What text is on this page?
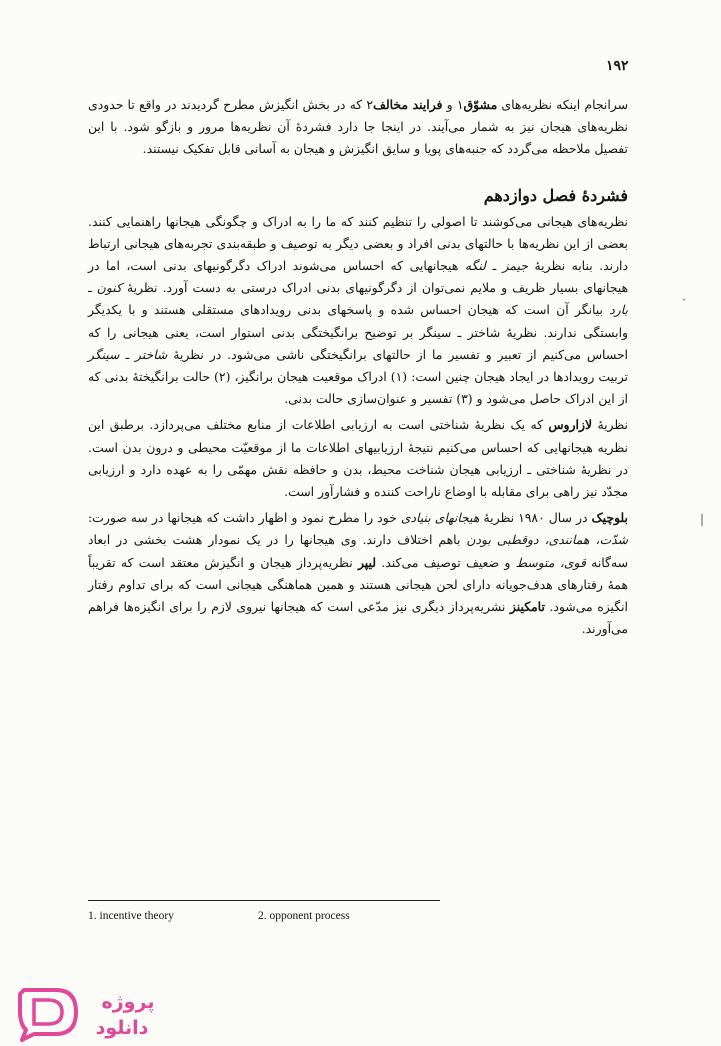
۱۹۲

سرانجام اینکه نظریه‌های مشوّق۱ و فرایند مخالف۲ که در بخش انگیزش مطرح گردیدند در واقع تا حدودی نظریه‌های هیجان نیز به شمار می‌آیند. در اینجا جا دارد فشردهٔ آن نظریه‌ها مرور و بازگو شود. با این تفصیل ملاحظه می‌گردد که جنبه‌های پویا و سایق انگیزش و هیجان به آسانی قابل تفکیک نیستند.

فشردهٔ فصل دوازدهم

نظریه‌های هیجانی می‌کوشند تا اصولی را تنظیم کنند که ما را به ادراک و چگونگی هیجانها راهنمایی کنند. بعضی از این نظریه‌ها با حالتهای بدنی افراد و بعضی دیگر به توصیف و طبقه‌بندی تجربه‌های هیجانی ارتباط دارند. بنابه نظریهٔ جیمز ـ لنگه هیجانهایی که احساس می‌شوند ادراک دگرگونیهای بدنی است، اما در هیجانهای بسیار ظریف و ملایم نمی‌توان از دگرگونیهای بدنی ادراک درستی به دست آورد. نظریهٔ کنون ـ بارد بیانگر آن است که هیجان احساس شده و پاسخهای بدنی رویدادهای مستقلی هستند و با یکدیگر وابستگی ندارند. نظریهٔ شاختر ـ سینگر بر توضیح برانگیختگی بدنی استوار است، یعنی هیجانی را که احساس می‌کنیم از تعبیر و تفسیر ما از حالتهای برانگیختگی ناشی می‌شود. در نظریهٔ شاختر ـ سینگر تربیت رویدادها در ایجاد هیجان چنین است: (۱) ادراک موقعیت هیجان برانگیز، (۲) حالت برانگیختهٔ بدنی که از این ادراک حاصل می‌شود و (۳) تفسیر و عنوان‌سازی حالت بدنی.

نظریهٔ لازاروس که یک نظریهٔ شناختی است به ارزیابی اطلاعات از منابع مختلف می‌پردازد. برطبق این نظریه هیجانهایی که احساس می‌کنیم نتیجهٔ ارزیابیهای اطلاعات ما از موقعیّت محیطی و درون بدن است. در نظریهٔ شناختی ـ ارزیابی هیجان شناخت محیط، بدن و حافظه نقش مهمّی را به عهده دارد و ارزیابی مجدّد نیز راهی برای مقابله با اوضاع ناراحت کننده و فشارآور است.

بلوچیک در سال ۱۹۸۰ نظریهٔ هیجانهای بنیادی خود را مطرح نمود و اظهار داشت که هیجانها در سه صورت: شدّت، همانندی، دوقطبی بودن باهم اختلاف دارند. وی هیجانها را در یک نمودار هشت بخشی در ابعاد سه‌گانه قوی، متوسط و ضعیف توصیف می‌کند. لیپر نظریه‌پرداز هیجان و انگیزش معتقد است که تقریباً همهٔ رفتارهای هدف‌جویانه دارای لحن هیجانی هستند و همین هماهنگی هیجانی است که برای تداوم رفتار انگیزه می‌شود. تامکینز نشریه‌پرداز دیگری نیز مدّعی است که هیجانها نیروی لازم را برای انگیزه‌ها فراهم می‌آورند.

·
|
1. incentive theory	2. opponent process
پروژه
دانلود
